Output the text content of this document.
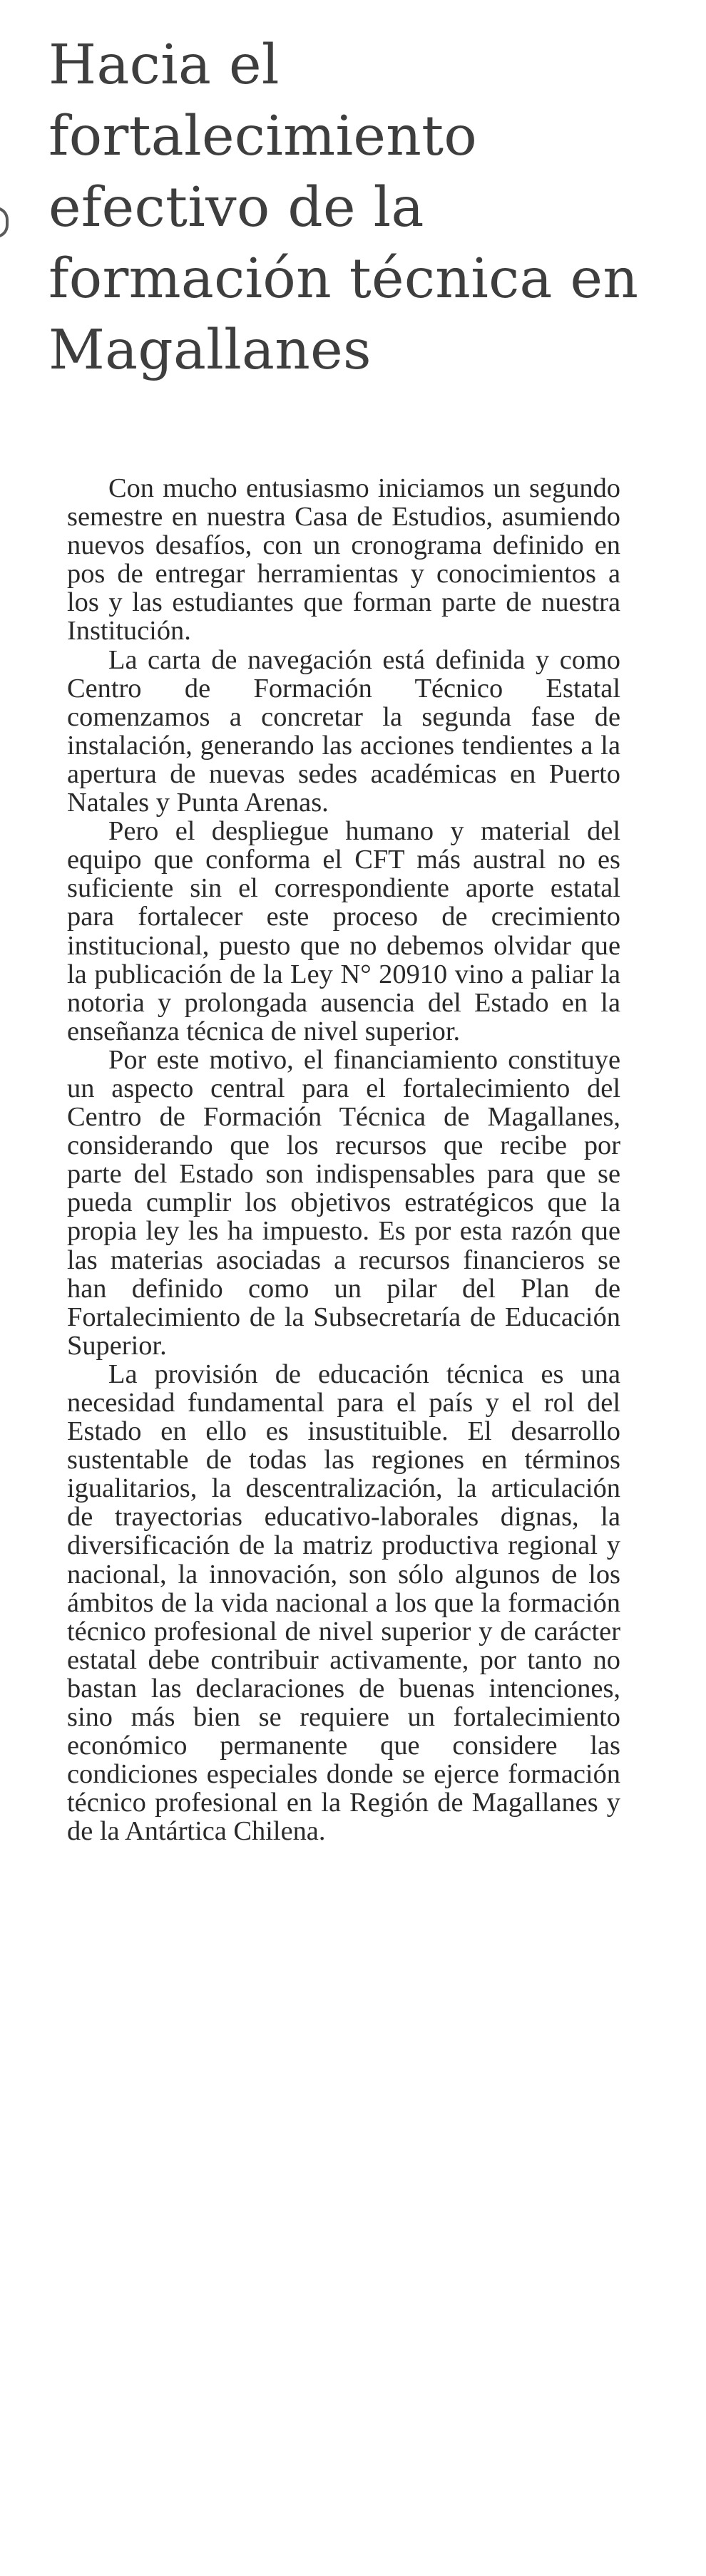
Hacia el fortalecimiento efectivo de la formación técnica en Magallanes

Con mucho entusiasmo iniciamos un segundo semestre en nuestra Casa de Estudios, asumiendo nuevos desafíos, con un cronograma definido en pos de entregar herramientas y conocimientos a los y las estudiantes que forman parte de nuestra Institución.

La carta de navegación está definida y como Centro de Formación Técnico Estatal comenzamos a concretar la segunda fase de instalación, generando las acciones tendientes a la apertura de nuevas sedes académicas en Puerto Natales y Punta Arenas.

Pero el despliegue humano y material del equipo que conforma el CFT más austral no es suficiente sin el correspondiente aporte estatal para fortalecer este proceso de crecimiento institucional, puesto que no debemos olvidar que la publicación de la Ley N° 20910 vino a paliar la notoria y prolongada ausencia del Estado en la enseñanza técnica de nivel superior.

Por este motivo, el financiamiento constituye un aspecto central para el fortalecimiento del Centro de Formación Técnica de Magallanes, considerando que los recursos que recibe por parte del Estado son indispensables para que se pueda cumplir los objetivos estratégicos que la propia ley les ha impuesto. Es por esta razón que las materias asociadas a recursos financieros se han definido como un pilar del Plan de Fortalecimiento de la Subsecretaría de Educación Superior.

La provisión de educación técnica es una necesidad fundamental para el país y el rol del Estado en ello es insustituible. El desarrollo sustentable de todas las regiones en términos igualitarios, la descentralización, la articulación de trayectorias educativo-laborales dignas, la diversificación de la matriz productiva regional y nacional, la innovación, son sólo algunos de los ámbitos de la vida nacional a los que la formación técnico profesional de nivel superior y de carácter estatal debe contribuir activamente, por tanto no bastan las declaraciones de buenas intenciones, sino más bien se requiere un fortalecimiento económico permanente que considere las condiciones especiales donde se ejerce formación técnico profesional en la Región de Magallanes y de la Antártica Chilena.
